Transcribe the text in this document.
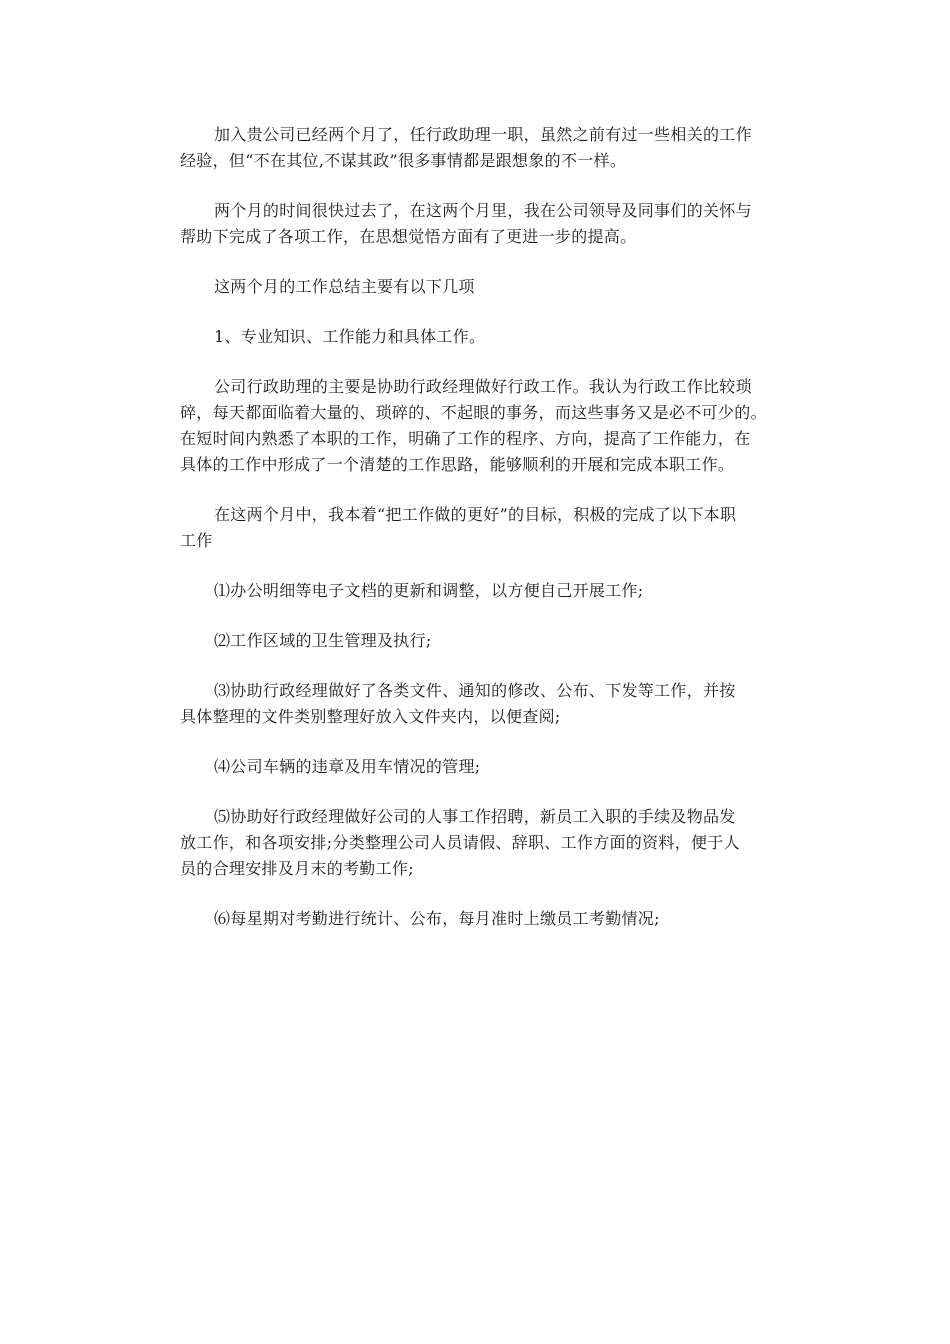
加入贵公司已经两个月了，任行政助理一职，虽然之前有过一些相关的工作
经验，但“不在其位,不谋其政”很多事情都是跟想象的不一样。

两个月的时间很快过去了，在这两个月里，我在公司领导及同事们的关怀与
帮助下完成了各项工作，在思想觉悟方面有了更进一步的提高。

这两个月的工作总结主要有以下几项

1、专业知识、工作能力和具体工作。

公司行政助理的主要是协助行政经理做好行政工作。我认为行政工作比较琐
碎，每天都面临着大量的、琐碎的、不起眼的事务，而这些事务又是必不可少的。
在短时间内熟悉了本职的工作，明确了工作的程序、方向，提高了工作能力，在
具体的工作中形成了一个清楚的工作思路，能够顺利的开展和完成本职工作。

在这两个月中，我本着“把工作做的更好”的目标，积极的完成了以下本职
工作

⑴办公明细等电子文档的更新和调整，以方便自己开展工作;

⑵工作区域的卫生管理及执行;

⑶协助行政经理做好了各类文件、通知的修改、公布、下发等工作，并按
具体整理的文件类别整理好放入文件夹内，以便查阅;

⑷公司车辆的违章及用车情况的管理;

⑸协助好行政经理做好公司的人事工作招聘，新员工入职的手续及物品发
放工作，和各项安排;分类整理公司人员请假、辞职、工作方面的资料，便于人
员的合理安排及月末的考勤工作;

⑹每星期对考勤进行统计、公布，每月准时上缴员工考勤情况;
